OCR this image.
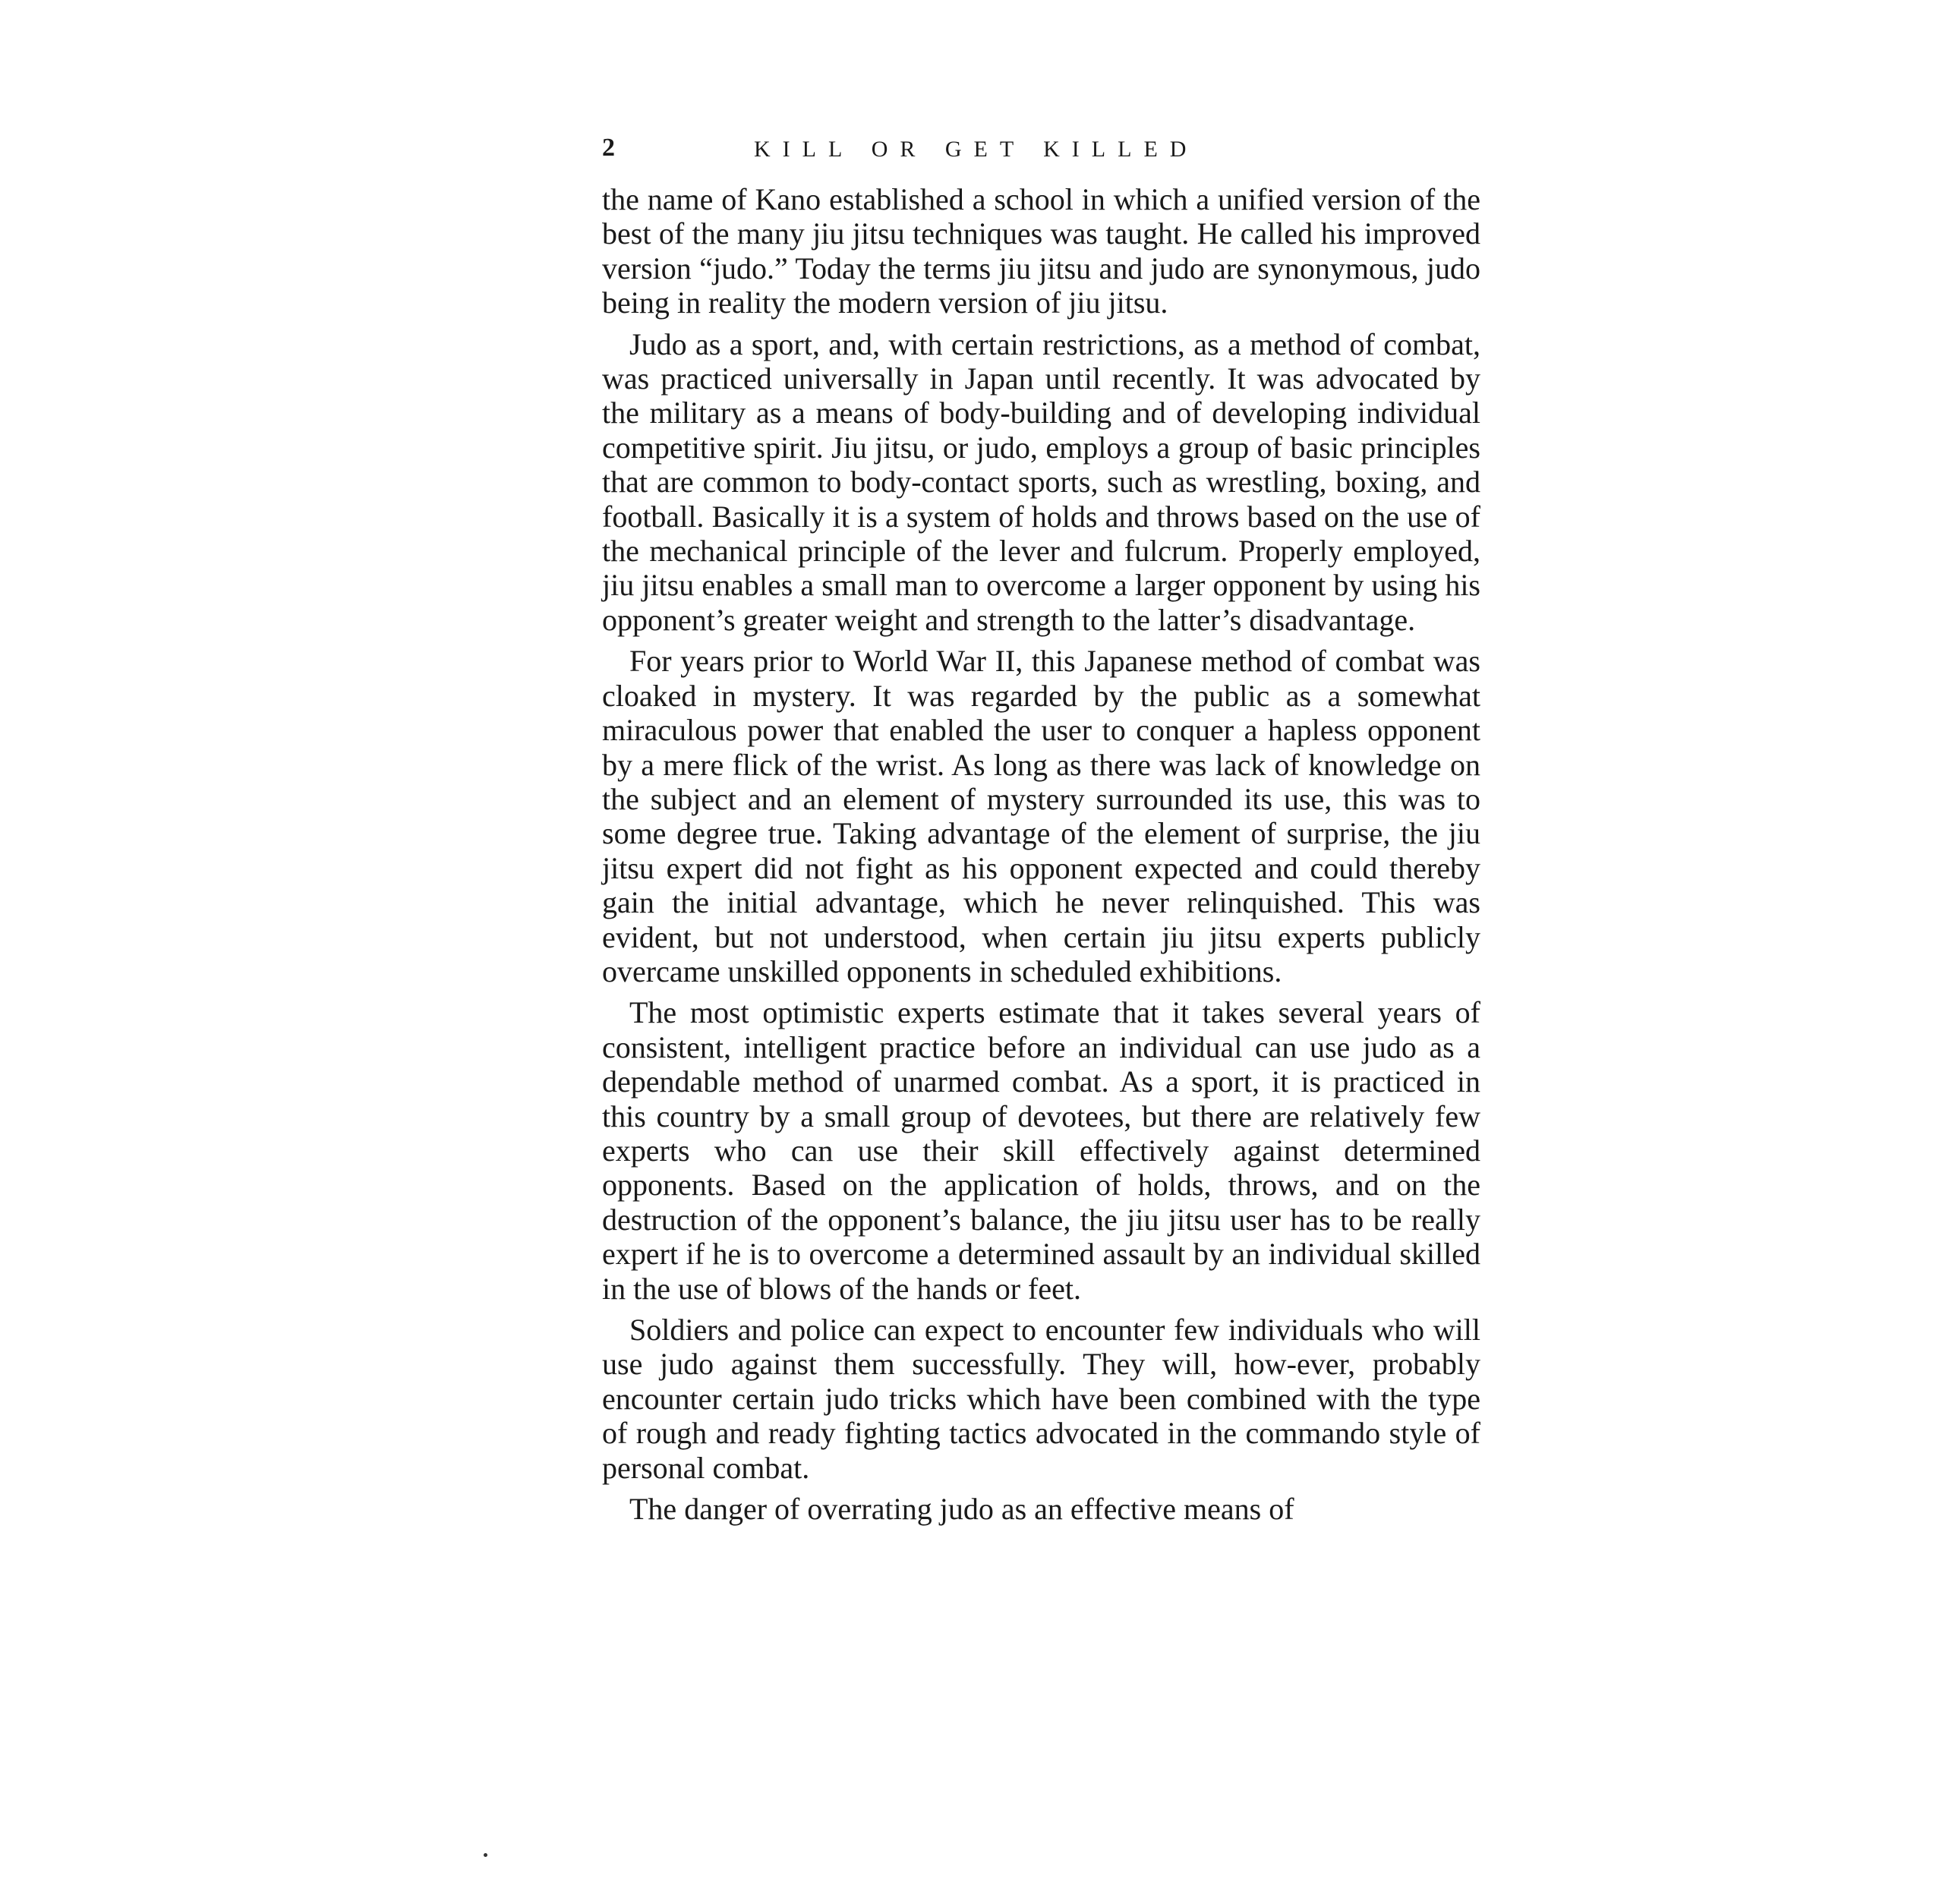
2	KILL OR GET KILLED

the name of Kano established a school in which a unified version of the best of the many jiu jitsu techniques was taught. He called his improved version “judo.” Today the terms jiu jitsu and judo are synonymous, judo being in reality the modern version of jiu jitsu.

Judo as a sport, and, with certain restrictions, as a method of combat, was practiced universally in Japan until recently. It was advocated by the military as a means of body-building and of developing individual competitive spirit. Jiu jitsu, or judo, employs a group of basic principles that are common to body-contact sports, such as wrestling, boxing, and football. Basically it is a system of holds and throws based on the use of the mechanical principle of the lever and fulcrum. Properly employed, jiu jitsu enables a small man to overcome a larger opponent by using his opponent’s greater weight and strength to the latter’s disadvantage.

For years prior to World War II, this Japanese method of combat was cloaked in mystery. It was regarded by the public as a somewhat miraculous power that enabled the user to conquer a hapless opponent by a mere flick of the wrist. As long as there was lack of knowledge on the subject and an element of mystery surrounded its use, this was to some degree true. Taking advantage of the element of surprise, the jiu jitsu expert did not fight as his opponent expected and could thereby gain the initial advantage, which he never relinquished. This was evident, but not understood, when certain jiu jitsu experts publicly overcame unskilled opponents in scheduled exhibitions.

The most optimistic experts estimate that it takes several years of consistent, intelligent practice before an individual can use judo as a dependable method of unarmed combat. As a sport, it is practiced in this country by a small group of devotees, but there are relatively few experts who can use their skill effectively against determined opponents. Based on the application of holds, throws, and on the destruction of the opponent’s balance, the jiu jitsu user has to be really expert if he is to overcome a determined assault by an individual skilled in the use of blows of the hands or feet.

Soldiers and police can expect to encounter few individuals who will use judo against them successfully. They will, how-ever, probably encounter certain judo tricks which have been combined with the type of rough and ready fighting tactics advocated in the commando style of personal combat.

The danger of overrating judo as an effective means of
